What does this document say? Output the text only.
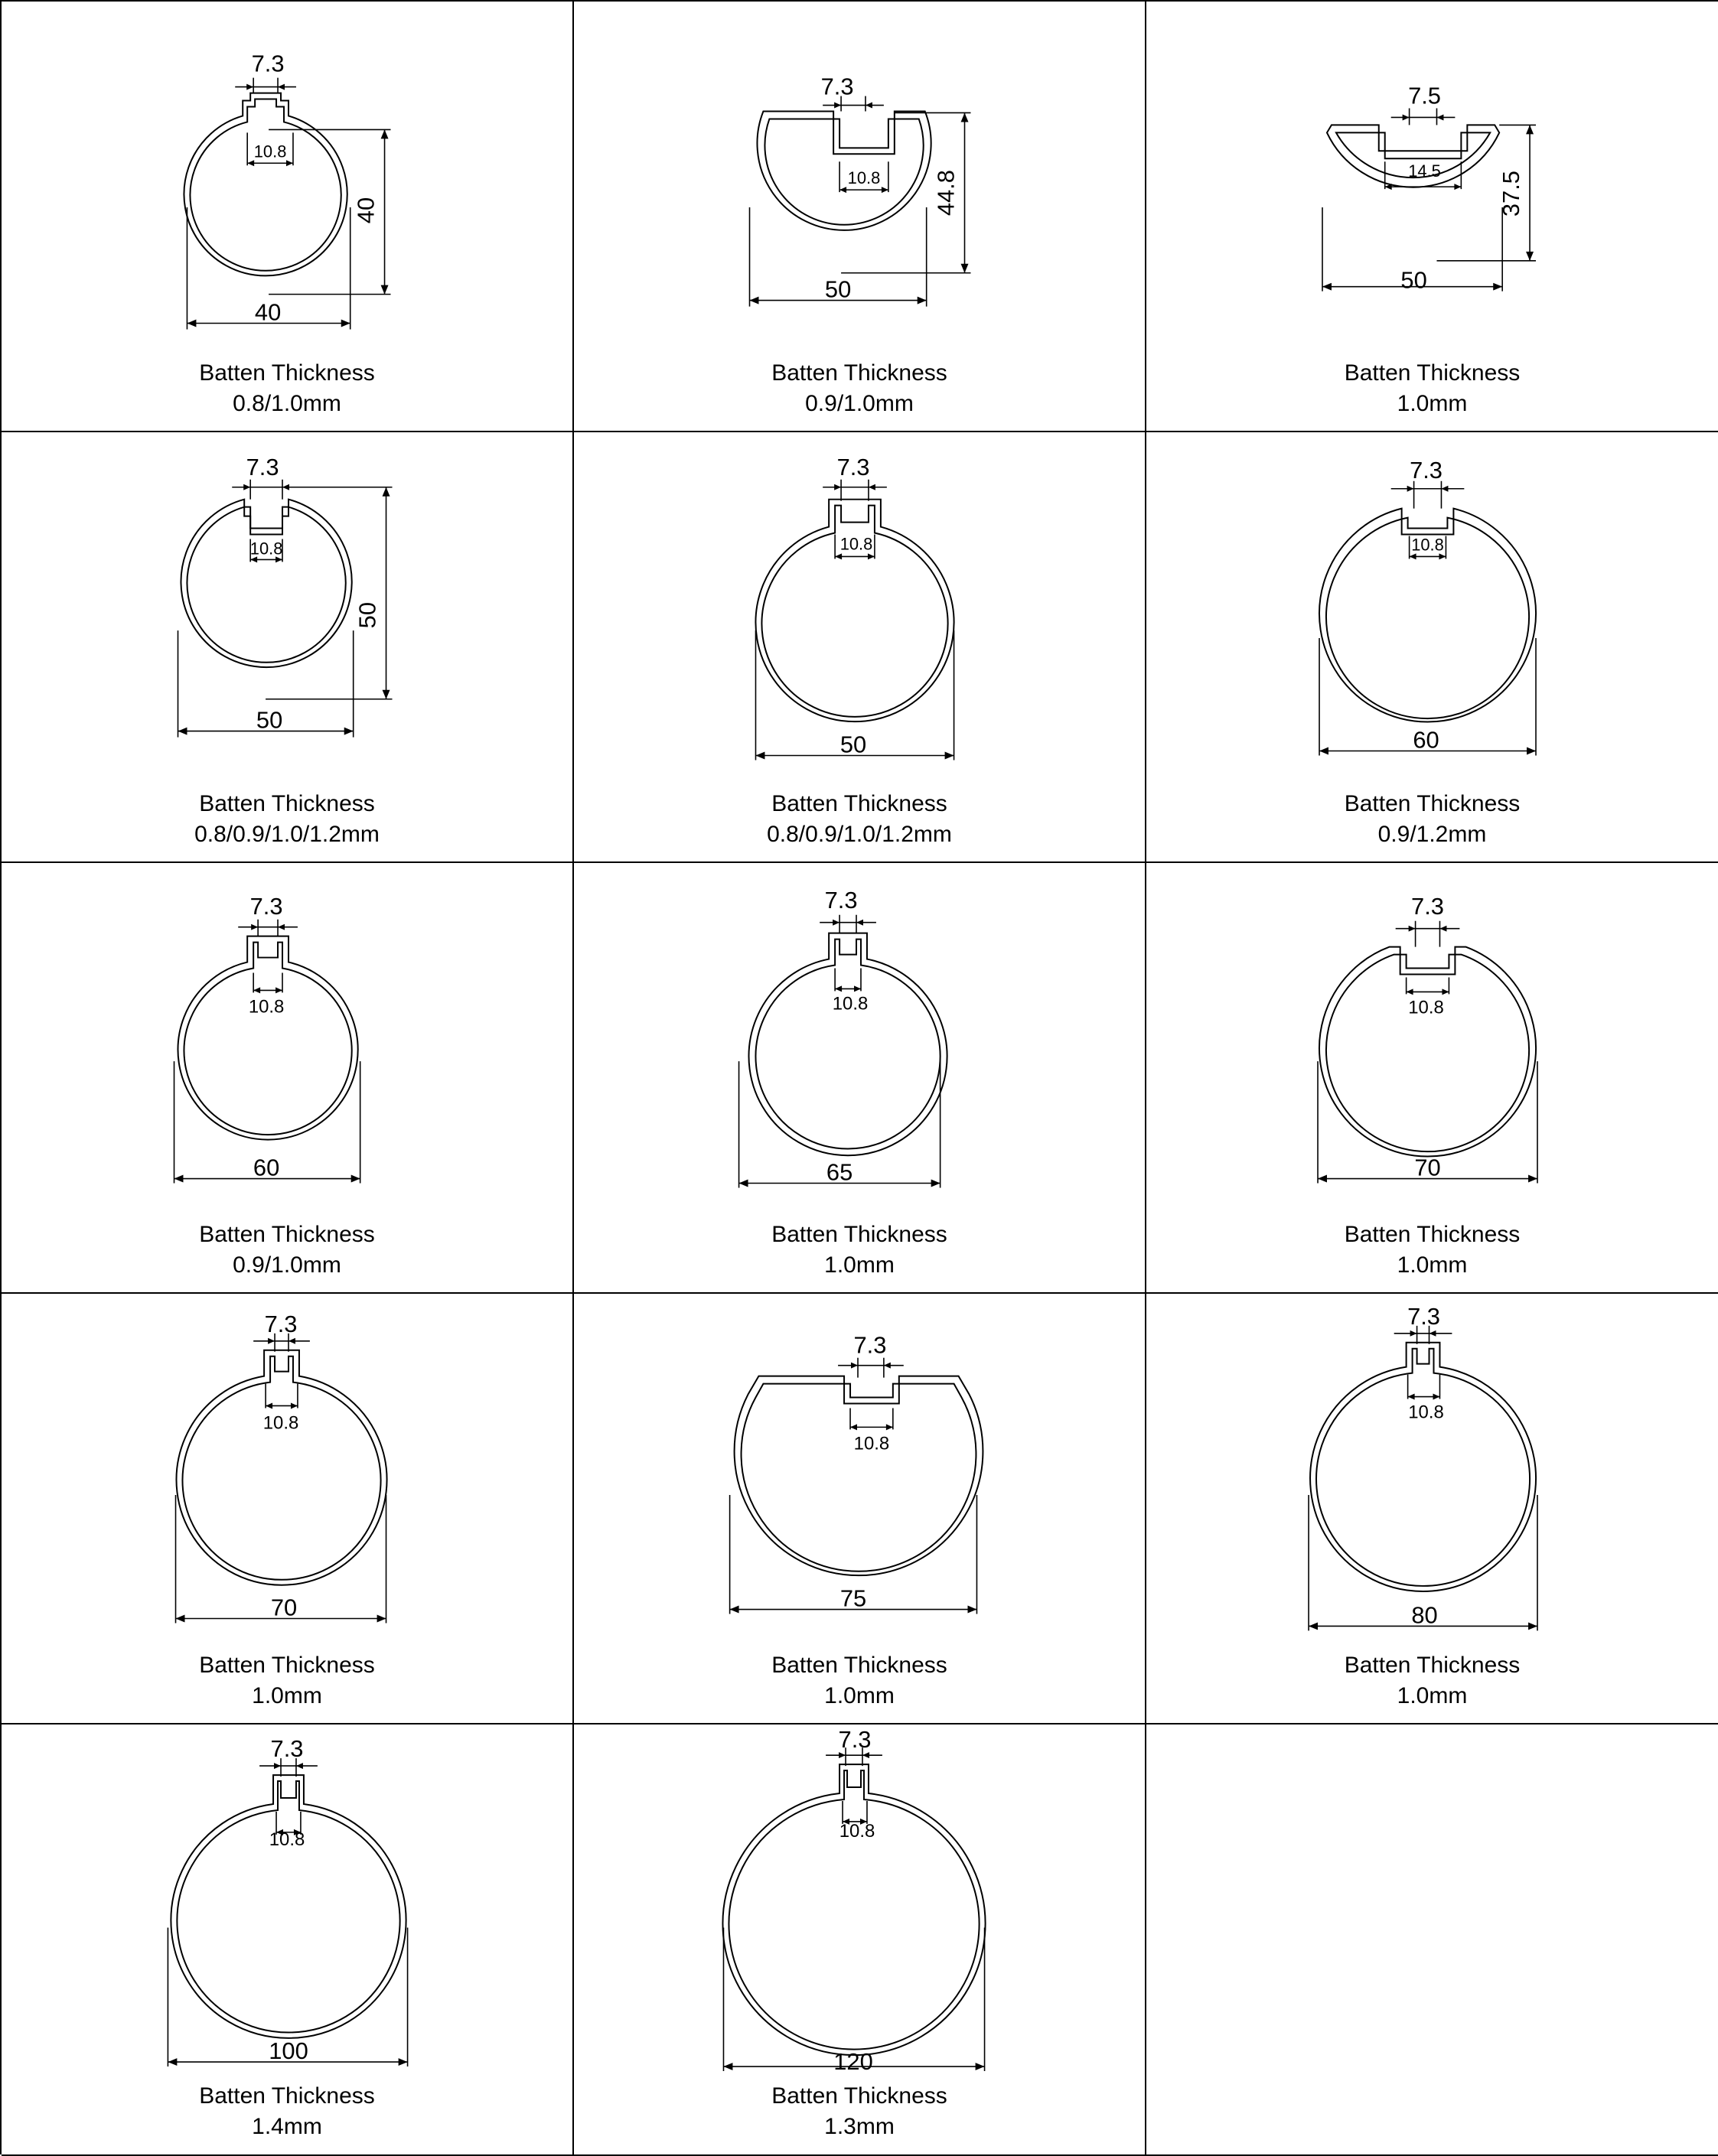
7.3
10.8
40
40
Batten Thickness
0.8/1.0mm
7.3
10.8 44.8
50
Batten Thickness
0.9/1.0mm
7.5
14.5 37.5
50
Batten Thickness
1.0mm
7.3
10.8
50
50
Batten Thickness
0.8/0.9/1.0/1.2mm
7.3
10.8
50
Batten Thickness
0.8/0.9/1.0/1.2mm
7.3
10.8
60
Batten Thickness
0.9/1.2mm
7.3
10.8
60
Batten Thickness
0.9/1.0mm
7.3
10.8
65
Batten Thickness
1.0mm
7.3
10.8
70
Batten Thickness
1.0mm
7.3
10.8
70
Batten Thickness
1.0mm
7.3
10.8
75
Batten Thickness
1.0mm
7.3
10.8
80
Batten Thickness
1.0mm
7.3
10.8
100
Batten Thickness
1.4mm
7.3
10.8
120
Batten Thickness
1.3mm
